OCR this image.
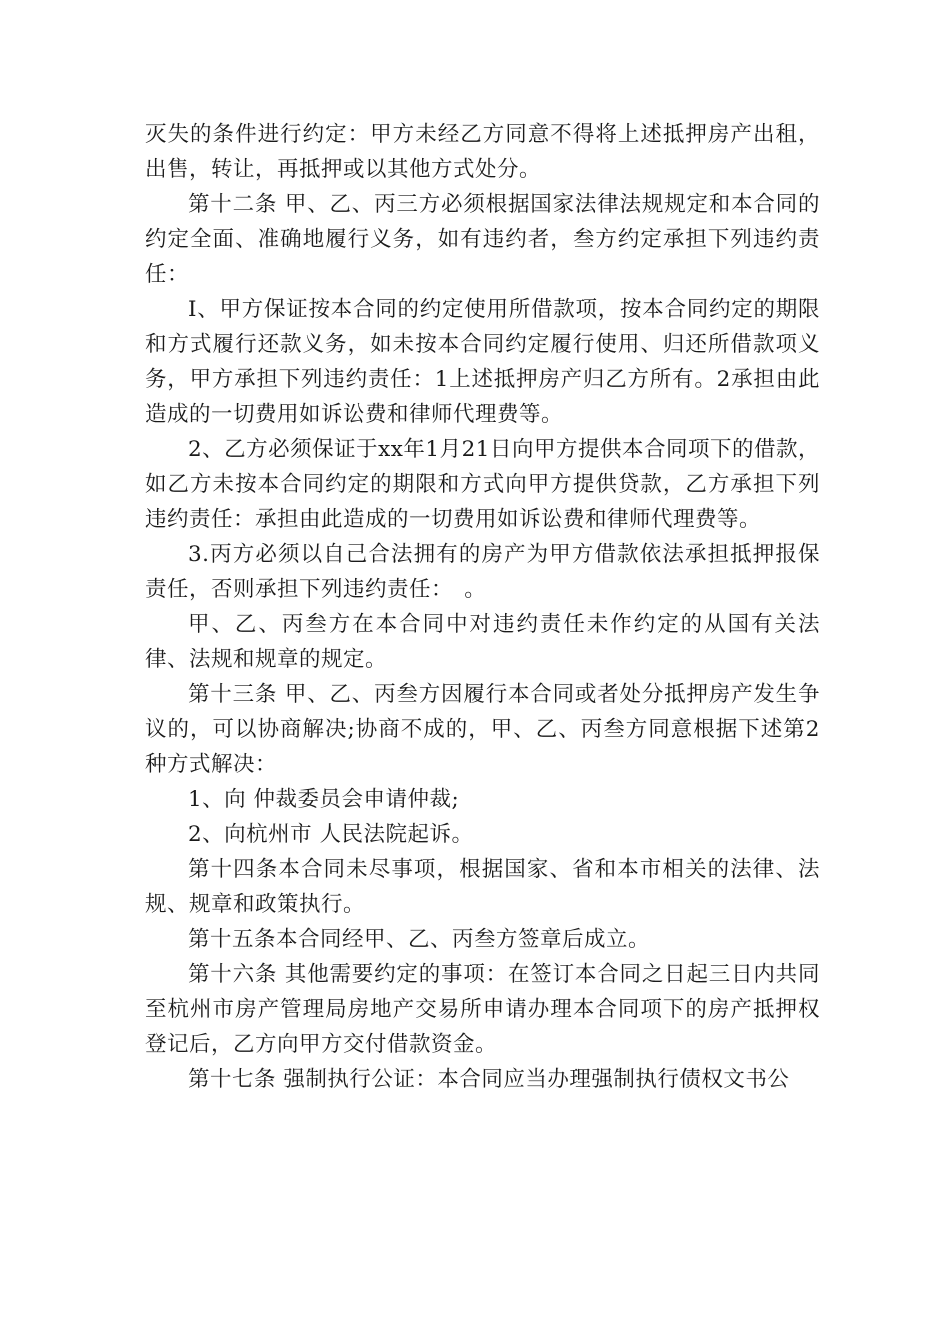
灭失的条件进行约定：甲方未经乙方同意不得将上述抵押房产出租，出售，转让，再抵押或以其他方式处分。

第十二条 甲、乙、丙三方必须根据国家法律法规规定和本合同的约定全面、准确地履行义务，如有违约者，叁方约定承担下列违约责任：

I、甲方保证按本合同的约定使用所借款项，按本合同约定的期限和方式履行还款义务，如未按本合同约定履行使用、归还所借款项义务，甲方承担下列违约责任：1上述抵押房产归乙方所有。2承担由此造成的一切费用如诉讼费和律师代理费等。

2、乙方必须保证于xx年1月21日向甲方提供本合同项下的借款，如乙方未按本合同约定的期限和方式向甲方提供贷款，乙方承担下列违约责任：承担由此造成的一切费用如诉讼费和律师代理费等。

3.丙方必须以自己合法拥有的房产为甲方借款依法承担抵押报保责任，否则承担下列违约责任：　。

甲、乙、丙叁方在本合同中对违约责任未作约定的从国有关法律、法规和规章的规定。

第十三条 甲、乙、丙叁方因履行本合同或者处分抵押房产发生争议的，可以协商解决;协商不成的，甲、乙、丙叁方同意根据下述第2种方式解决：

1、向 仲裁委员会申请仲裁;

2、向杭州市 人民法院起诉。

第十四条本合同未尽事项，根据国家、省和本市相关的法律、法规、规章和政策执行。

第十五条本合同经甲、乙、丙叁方签章后成立。

第十六条 其他需要约定的事项：在签订本合同之日起三日内共同至杭州市房产管理局房地产交易所申请办理本合同项下的房产抵押权登记后，乙方向甲方交付借款资金。

第十七条 强制执行公证：本合同应当办理强制执行债权文书公
